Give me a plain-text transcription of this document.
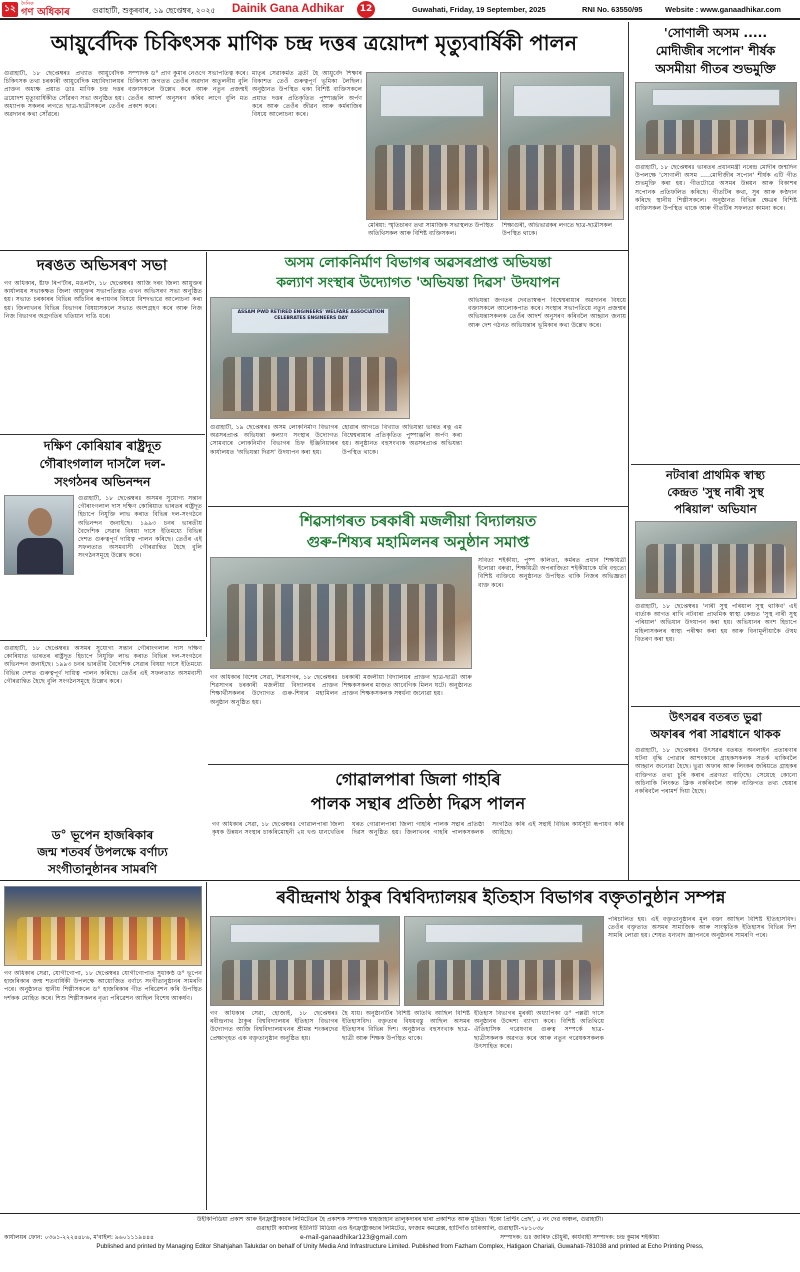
১২	দৈনিক
গণ অধিকাৰ	গুৱাহাটী, শুকুৰবাৰ, ১৯ ছেপ্তেম্বৰ, ২০২৫ Dainik Gana Adhikar	12	Guwahati, Friday, 19 September, 2025	RNI No. 63550/95	Website : www.ganaadhikar.com
আয়ুৰ্বেদিক চিকিৎসক মাণিক চন্দ্ৰ দত্তৰ ত্ৰয়োদশ মৃত্যুবাৰ্ষিকী পালন
গুৱাহাটী, ১৮ ছেপ্তেম্বৰঃ প্ৰখ্যাত আয়ুৰ্বেদিক চিকিৎসক তথা চৰকাৰী আয়ুৰ্বেদিক মহাবিদ্যালয়ৰ প্ৰাক্তন অধ্যক্ষ প্ৰয়াত ডাঃ মাণিক চন্দ্ৰ দত্তৰ ত্ৰয়োদশ মৃত্যুবাৰ্ষিকীত সোঁৱৰণ সভা অনুষ্ঠিত হয়। অধ্যাপক সকলৰ লগতে ছাত্ৰ-ছাত্ৰীসকলে তেওঁৰ অৱদানৰ কথা সোঁৱৰে।
সম্পাদক ড° প্ৰাণ কুমাৰ নেওগে সভাপতিত্ব কৰে। চিকিৎসা জগতত তেওঁৰ অৱদান অতুলনীয় বুলি বক্তাসকলে উল্লেখ কৰে আৰু নতুন প্ৰজন্মই তেওঁৰ আদৰ্শ অনুসৰণ কৰিব লাগে বুলি মত প্ৰকাশ কৰে।
মাতৃৰ সেৱাকৰ্মত ব্ৰতী হৈ আয়ুৰ্বেদ শিক্ষাৰ বিকাশত তেওঁ গুৰুত্বপূৰ্ণ ভূমিকা লৈছিল। অনুষ্ঠানত উপস্থিত থকা বিশিষ্ট ব্যক্তিসকলে প্ৰয়াত দত্তৰ প্ৰতিকৃতিত পুষ্পাঞ্জলি অৰ্পণ কৰে আৰু তেওঁৰ জীৱন আৰু কৰ্মৰাজিৰ বিষয়ে আলোচনা কৰে।
মেৰিয়া: স্মৃতিচাৰণ তথা সামাজিক সভাস্থলত উপস্থিত অতিথিসকল আৰু বিশিষ্ট ব্যক্তিসকল।
শিক্ষাগুৰী, অভিভাৱকৰ লগতে ছাত্ৰ-ছাত্ৰীসকল উপস্থিত থাকে।
'সোণালী অসম .....
মোদীজীৰ সপোন' শীৰ্ষক
অসমীয়া গীতৰ শুভমুক্তি
গুৱাহাটী, ১৮ ছেপ্তেম্বৰঃ ভাৰতৰ প্ৰধানমন্ত্ৰী নৰেন্দ্ৰ মোদীৰ জন্মদিন উপলক্ষে 'সোণালী অসম .....মোদীজীৰ সপোন' শীৰ্ষক এটি গীত শুভমুক্তি কৰা হয়। গীতটোৱে অসমৰ উন্নয়ন আৰু বিকাশৰ সপোনক প্ৰতিফলিত কৰিছে। গীতটিৰ কথা, সুৰ আৰু কণ্ঠদান কৰিছে স্থানীয় শিল্পীসকলে। অনুষ্ঠানত বিভিন্ন ক্ষেত্ৰৰ বিশিষ্ট ব্যক্তিসকল উপস্থিত থাকে আৰু গীতটিৰ সফলতা কামনা কৰে।
দৰঙত অভিসৰণ সভা
গণ অধিকাৰ, ষ্টাফ ৰিপ'ৰ্টাৰ, মঙলদৈ, ১৮ ছেপ্তেম্বৰঃ আজি দৰং জিলা আয়ুক্তৰ কাৰ্যালয়ৰ সভাকক্ষত জিলা আয়ুক্তৰ সভাপতিত্বত এখন অভিসৰণ সভা অনুষ্ঠিত হয়। সভাত চৰকাৰৰ বিভিন্ন আঁচনিৰ ৰূপায়ণৰ বিষয়ে বিশদভাৱে আলোচনা কৰা হয়। জিলাখনৰ বিভিন্ন বিভাগৰ বিষয়াসকলে সভাত অংশগ্ৰহণ কৰে আৰু নিজ নিজ বিভাগৰ অগ্ৰগতিৰ খতিয়ান দাঙি ধৰে।
অসম লোকনিৰ্মাণ বিভাগৰ অৱসৰপ্ৰাপ্ত অভিযন্তা
কল্যাণ সংস্থাৰ উদ্যোগত 'অভিযন্তা দিৱস' উদযাপন
ASSAM PWD RETIRED ENGINEERS' WELFARE ASSOCIATION CELEBRATES ENGINEERS DAY
গুৱাহাটী, ১৯ ছেপ্তেম্বৰঃ অসম লোকনিৰ্মাণ বিভাগৰ অৱসৰপ্ৰাপ্ত অভিযন্তা কল্যাণ সংস্থাৰ উদ্যোগত সোমবাৰে লোকনিৰ্মাণ বিভাগৰ চিফ ইঞ্জিনিয়াৰৰ কাৰ্যালয়ত 'অভিযন্তা দিৱস' উদযাপন কৰা হয়।
হোৱাৰ আগতে বিখ্যাত অভিযন্তা ভাৰত ৰত্ন এম বিশ্বেশ্বৰায়াৰ প্ৰতিকৃতিত পুষ্পাঞ্জলি অৰ্পণ কৰা হয়। অনুষ্ঠানত বহুসংখ্যক অৱসৰপ্ৰাপ্ত অভিযন্তা উপস্থিত থাকে।
অভিযন্তা জগতৰ দেবতাস্বৰূপ বিশ্বেশ্বৰায়াৰ অৱদানৰ বিষয়ে বক্তাসকলে আলোকপাত কৰে। সংস্থাৰ সভাপতিয়ে নতুন প্ৰজন্মৰ অভিযন্তাসকলক তেওঁৰ আদৰ্শ অনুসৰণ কৰিবলৈ আহ্বান জনায় আৰু দেশ গঠনত অভিযন্তাৰ ভূমিকাৰ কথা উল্লেখ কৰে।
দক্ষিণ কোৰিয়াৰ ৰাষ্ট্ৰদূত
গৌৰাংগলাল দাসলৈ দল-
সংগঠনৰ অভিনন্দন
গুৱাহাটী, ১৮ ছেপ্তেম্বৰঃ অসমৰ সুযোগ্য সন্তান গৌৰাংগলাল দাস দক্ষিণ কোৰিয়াত ভাৰতৰ ৰাষ্ট্ৰদূত হিচাপে নিযুক্তি লাভ কৰাত বিভিন্ন দল-সংগঠনে অভিনন্দন জনাইছে। ১৯৯৩ চনৰ ভাৰতীয় বৈদেশিক সেৱাৰ বিষয়া দাসে ইতিমধ্যে বিভিন্ন দেশত গুৰুত্বপূৰ্ণ দায়িত্ব পালন কৰিছে। তেওঁৰ এই সফলতাত অসমবাসী গৌৰৱান্বিত হৈছে বুলি সংগঠনসমূহে উল্লেখ কৰে।
শিৱসাগৰত চৰকাৰী মজলীয়া বিদ্যালয়ত
গুৰু-শিষ্যৰ মহামিলনৰ অনুষ্ঠান সমাপ্ত
গণ অধিকাৰ বিশেষ সেৱা, শিৱসাগৰ, ১৮ ছেপ্তেম্বৰঃ শিৱসাগৰ চৰকাৰী মজলীয়া বিদ্যালয়ৰ প্ৰাক্তন শিক্ষাৰ্থীসকলৰ উদ্যোগত গুৰু-শিষ্যৰ মহামিলন অনুষ্ঠান অনুষ্ঠিত হয়।
চৰকাৰী মজলীয়া বিদ্যালয়ৰ প্ৰাক্তন ছাত্ৰ-ছাত্ৰী আৰু শিক্ষকসকলৰ মাজত আবেগিক মিলন ঘটে। অনুষ্ঠানত প্ৰাক্তন শিক্ষকসকলক সম্বৰ্ধনা জনোৱা হয়।
সবিতা শইকীয়া, পুষ্প কলিতা, কৰ্মৰত প্ৰধান শিক্ষয়িত্ৰী ইলোৱা বৰুৱা, শিক্ষয়িত্ৰী অপৰাজিতা শইকীয়াকে ধৰি বহুতো বিশিষ্ট ব্যক্তিয়ে অনুষ্ঠানত উপস্থিত থাকি নিজৰ অভিজ্ঞতা ব্যক্ত কৰে।
ড° ভূপেন হাজৰিকাৰ
গুৱাহাটী, ১৮ ছেপ্তেম্বৰঃ অসমৰ সুযোগ্য সন্তান গৌৰাংগলাল দাস দক্ষিণ কোৰিয়াত ভাৰতৰ ৰাষ্ট্ৰদূত হিচাপে নিযুক্তি লাভ কৰাত বিভিন্ন দল-সংগঠনে অভিনন্দন জনাইছে। ১৯৯৩ চনৰ ভাৰতীয় বৈদেশিক সেৱাৰ বিষয়া দাসে ইতিমধ্যে বিভিন্ন দেশত গুৰুত্বপূৰ্ণ দায়িত্ব পালন কৰিছে। তেওঁৰ এই সফলতাত অসমবাসী গৌৰৱান্বিত হৈছে বুলি সংগঠনসমূহে উল্লেখ কৰে।
জন্ম শতবৰ্ষ উপলক্ষে বৰ্ণাঢ্য
সংগীতানুষ্ঠানৰ সামৰণি
গোৱালপাৰা জিলা গাহৰি
পালক সন্থাৰ প্ৰতিষ্ঠা দিৱস পালন
গণ অধিকাৰ সেৱা, ১৮ ছেপ্তেম্বৰঃ গোৱালপাৰা জিলা কৃষক উন্নয়ন সংস্থাৰ চাকৰিমোহনী ২য় খণ্ড ধানখেতিৰ ঘৰত গোৱালপাৰা জিলা গাহৰি পালক সন্থাৰ প্ৰতিষ্ঠা দিৱস অনুষ্ঠিত হয়। জিলাখনৰ গাহৰি পালকসকলক সংগঠিত কৰি এই সন্থাই বিভিন্ন কাৰ্যসূচী ৰূপায়ণ কৰি আহিছে।
নটবাৰা প্ৰাথমিক স্বাস্থ্য
কেন্দ্ৰত 'সুস্থ নাৰী সুস্থ
পৰিয়াল' অভিযান
গুৱাহাটী, ১৮ ছেপ্তেম্বৰঃ 'নাৰী সুস্থ পৰিয়াল সুস্থ থাকিব' এই বাৰ্তাক আগত ৰাখি নটবাৰা প্ৰাথমিক স্বাস্থ্য কেন্দ্ৰত 'সুস্থ নাৰী সুস্থ পৰিয়াল' অভিযান উদযাপন কৰা হয়। অভিযানৰ অংশ হিচাপে মহিলাসকলৰ স্বাস্থ্য পৰীক্ষা কৰা হয় আৰু বিনামূলীয়াকৈ ঔষধ বিতৰণ কৰা হয়।
উৎসৱৰ বতৰত ভুৱা
অফাৰৰ পৰা সাৱধানে থাকক
গুৱাহাটী, ১৮ ছেপ্তেম্বৰঃ উৎসৱৰ বতৰত অনলাইন প্ৰতাৰণাৰ ঘটনা বৃদ্ধি পোৱাৰ আশংকাৰে গ্ৰাহকসকলক সতৰ্ক থাকিবলৈ আহ্বান জনোৱা হৈছে। ভুৱা অফাৰ আৰু লিংকৰ জৰিয়তে গ্ৰাহকৰ ব্যক্তিগত তথ্য চুৰি কৰাৰ প্ৰৱণতা বাঢ়িছে। সেয়েহে কোনো অচিনাকি লিংকত ক্লিক নকৰিবলৈ আৰু ব্যক্তিগত তথ্য শ্বেয়াৰ নকৰিবলৈ পৰামৰ্শ দিয়া হৈছে।
ৰবীন্দ্ৰনাথ ঠাকুৰ বিশ্ববিদ্যালয়ৰ ইতিহাস বিভাগৰ বক্তৃতানুষ্ঠান সম্পন্ন
গণ অধিকাৰ সেৱা, হোজাই, ১৮ ছেপ্তেম্বৰঃ ৰবীন্দ্ৰনাথ ঠাকুৰ বিশ্ববিদ্যালয়ৰ ইতিহাস বিভাগৰ উদ্যোগত আজি বিশ্ববিদ্যালয়খনৰ শ্ৰীমন্ত শংকৰদেৱ প্ৰেক্ষাগৃহত এক বক্তৃতানুষ্ঠান অনুষ্ঠিত হয়।
হৈ যায়। অনুষ্ঠানটিৰ বিশিষ্ট অতিথি আছিল বিশিষ্ট ইতিহাসবিদ। বক্তৃতাৰ বিষয়বস্তু আছিল অসমৰ ইতিহাসৰ বিভিন্ন দিশ। অনুষ্ঠানত বহুসংখ্যক ছাত্ৰ-ছাত্ৰী আৰু শিক্ষক উপস্থিত থাকে।
ইতিহাস বিভাগৰ মুৰব্বী অধ্যাপিকা ড° পল্লৱী দাসে অনুষ্ঠানৰ উদ্দেশ্য ব্যাখ্যা কৰে। বিশিষ্ট অতিথিয়ে ঐতিহাসিক গৱেষণাৰ গুৰুত্ব সম্পৰ্কে ছাত্ৰ-ছাত্ৰীসকলক অৱগত কৰে আৰু নতুন গৱেষকসকলক উৎসাহিত কৰে।
পৰিচালিত হয়। এই বক্তৃতানুষ্ঠানৰ মূল বক্তা আছিল বিশিষ্ট ইতিহাসবিদ। তেওঁৰ বক্তৃতাত অসমৰ সামাজিক আৰু সাংস্কৃতিক ইতিহাসৰ বিভিন্ন দিশ সামৰি লোৱা হয়। শেষত ধন্যবাদ জ্ঞাপনৰে অনুষ্ঠানৰ সামৰণি পৰে।
গণ অধিকাৰ সেৱা, যোগীগোপা, ১৮ ছেপ্তেম্বৰঃ যোগীগোপাত সুধাকণ্ঠ ড° ভূপেন হাজৰিকাৰ জন্ম শতবাৰ্ষিকী উপলক্ষে আয়োজিত বৰ্ণাঢ্য সংগীতানুষ্ঠানৰ সামৰণি পৰে। অনুষ্ঠানত স্থানীয় শিল্পীসকলে ড° হাজৰিকাৰ গীত পৰিৱেশন কৰি উপস্থিত দৰ্শকক মোহিত কৰে। শিশু শিল্পীসকলৰ নৃত্য পৰিৱেশন আছিল বিশেষ আকৰ্ষণ।
উইকিপিডিয়া প্ৰকাশ আৰু ইনফ্ৰাষ্ট্ৰাকচাৰ লিমিটেডৰ হৈ প্ৰকাশক সম্পাদক শ্বাহজাহান তালুকদাৰৰ দ্বাৰা প্ৰকাশিত আৰু মুদ্ৰিত। 'ইকো প্ৰিণ্টিং প্ৰেছ', ৫ নং দেৱ অঞ্চল, গুৱাহাটী।
গুৱাহাটী কাৰ্যালয় ইউনিটি মিডিয়া এণ্ড ইনফ্ৰাষ্ট্ৰাকচাৰ লিমিটেড, ফাজাম কমপ্লেক্স, হাটিগাঁও চাৰিআলি, গুৱাহাটী-৭৮১০৩৮
কাৰ্যালয়ৰ ফোন: ০৩৬১-২২২৪৪৮৬, ম'বাইল: ৯৬০১১১৯৪৪৪	e-mail-ganaadhikar123@gmail.com	সম্পাদক: ডঃ জাৰিফ চৌধুৰী, কাৰ্যবাহী সম্পাদক: চন্দ্ৰ কুমাৰ শইকীয়া
Published and printed by Managing Editor Shahjahan Talukdar on behalf of Unity Media And Infrastructure Limited. Published from Fazham Complex, Hatigaon Chariali, Guwahati-781038 and printed at Echo Printing Press,
